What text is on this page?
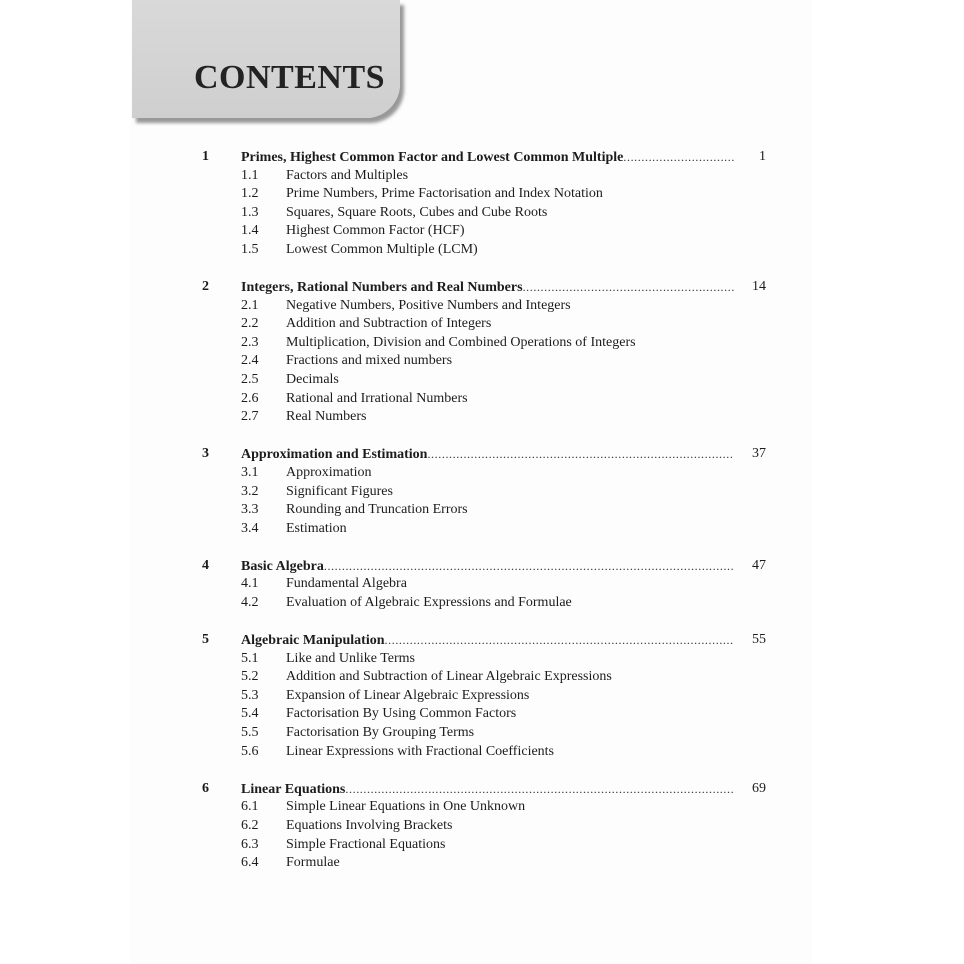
CONTENTS
1 Primes, Highest Common Factor and Lowest Common Multiple .....	1
1.1 Factors and Multiples
1.2 Prime Numbers, Prime Factorisation and Index Notation
1.3 Squares, Square Roots, Cubes and Cube Roots
1.4 Highest Common Factor (HCF)
1.5 Lowest Common Multiple (LCM)
2 Integers, Rational Numbers and Real Numbers .....	14
2.1 Negative Numbers, Positive Numbers and Integers
2.2 Addition and Subtraction of Integers
2.3 Multiplication, Division and Combined Operations of Integers
2.4 Fractions and mixed numbers
2.5 Decimals
2.6 Rational and Irrational Numbers
2.7 Real Numbers
3 Approximation and Estimation .....	37
3.1 Approximation
3.2 Significant Figures
3.3 Rounding and Truncation Errors
3.4 Estimation
4 Basic Algebra .....	47
4.1 Fundamental Algebra
4.2 Evaluation of Algebraic Expressions and Formulae
5 Algebraic Manipulation .....	55
5.1 Like and Unlike Terms
5.2 Addition and Subtraction of Linear Algebraic Expressions
5.3 Expansion of Linear Algebraic Expressions
5.4 Factorisation By Using Common Factors
5.5 Factorisation By Grouping Terms
5.6 Linear Expressions with Fractional Coefficients
6 Linear Equations .....	69
6.1 Simple Linear Equations in One Unknown
6.2 Equations Involving Brackets
6.3 Simple Fractional Equations
6.4 Formulae
